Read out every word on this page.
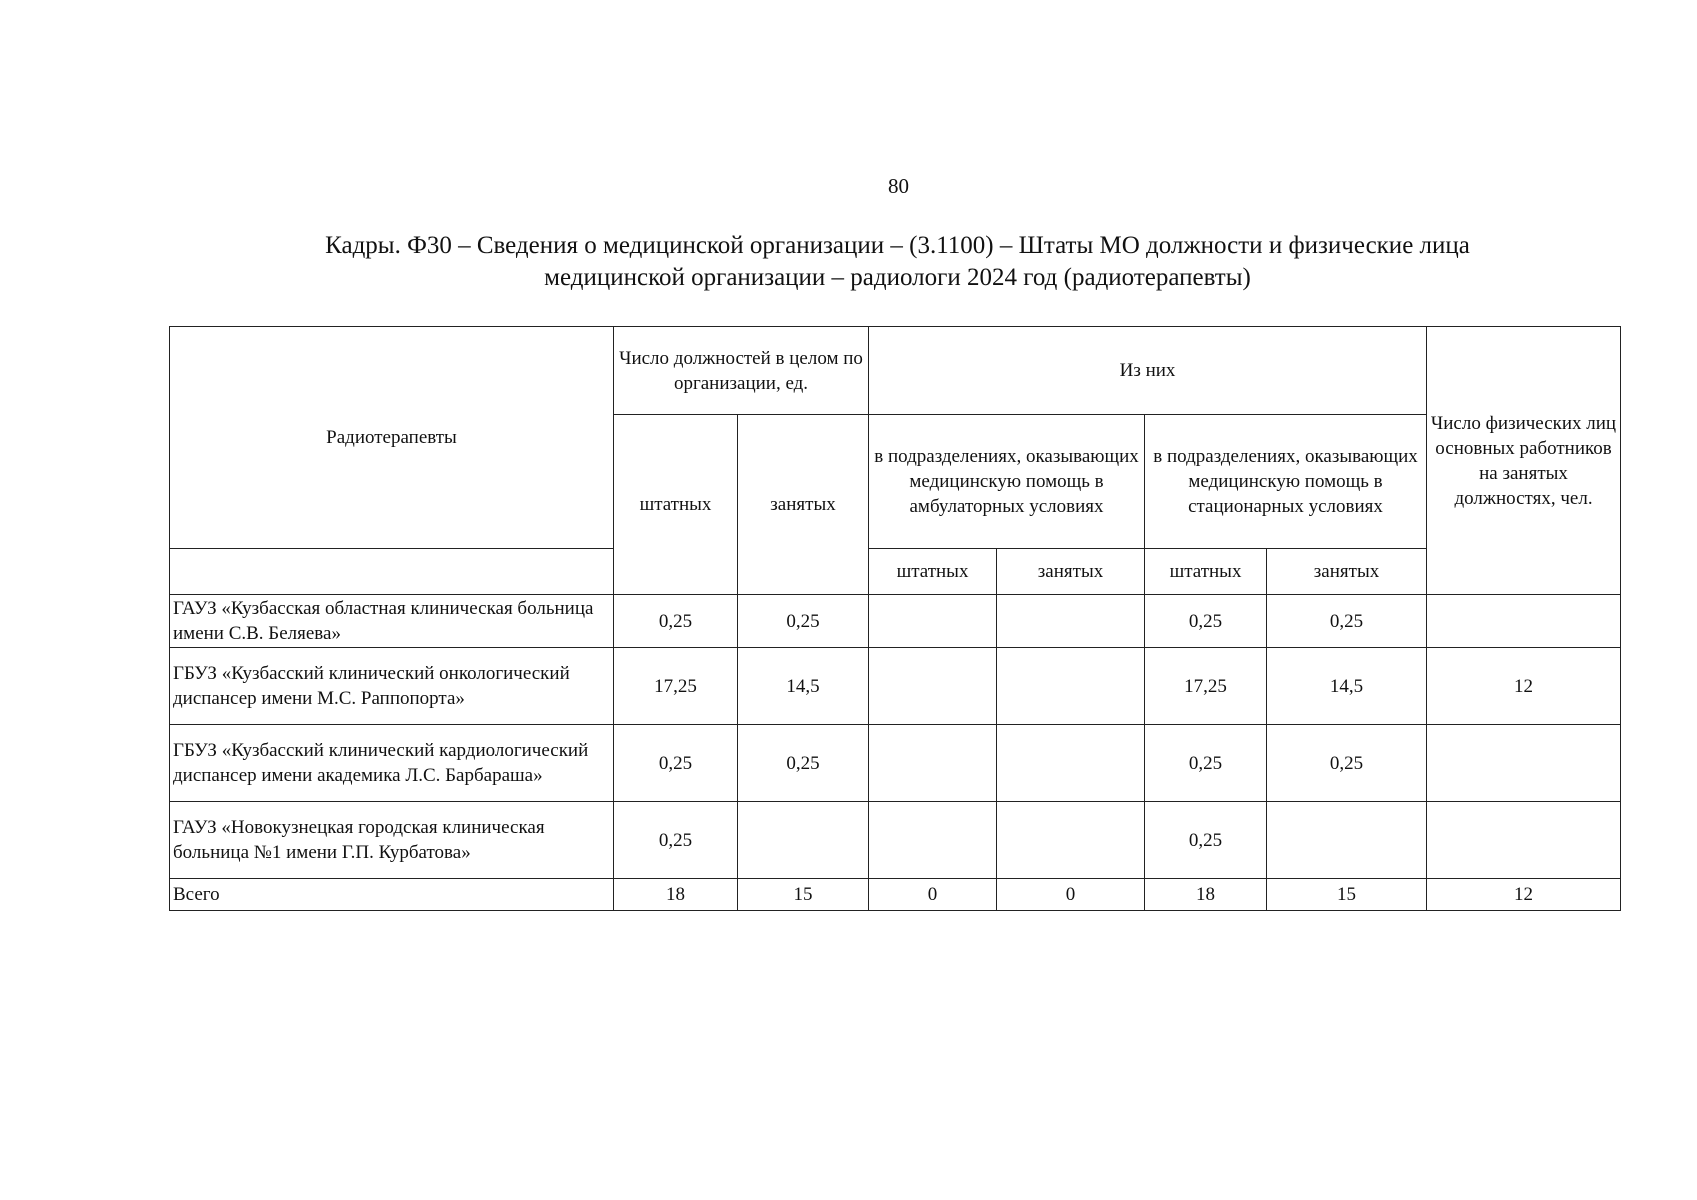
80
Кадры. Ф30 – Сведения о медицинской организации – (3.1100) – Штаты МО должности и физические лица
медицинской организации – радиологи 2024 год (радиотерапевты)
Радиотерапевты	Число должностей в целом по организации, ед.		Из них				Число физических лиц основных работников на занятых должностях, чел.
	штатных	занятых	в подразделениях, оказывающих медицинскую помощь в амбулаторных условиях		в подразделениях, оказывающих медицинскую помощь в стационарных условиях		
			штатных	занятых	штатных	занятых	
ГАУЗ «Кузбасская областная клиническая больница имени С.В. Беляева»	0,25	0,25			0,25	0,25	
ГБУЗ «Кузбасский клинический онкологический диспансер имени М.С. Раппопорта»	17,25	14,5			17,25	14,5	12
ГБУЗ «Кузбасский клинический кардиологический диспансер имени академика Л.С. Барбараша»	0,25	0,25			0,25	0,25	
ГАУЗ «Новокузнецкая городская клиническая больница №1 имени Г.П. Курбатова»	0,25				0,25		
Всего	18	15	0	0	18	15	12
